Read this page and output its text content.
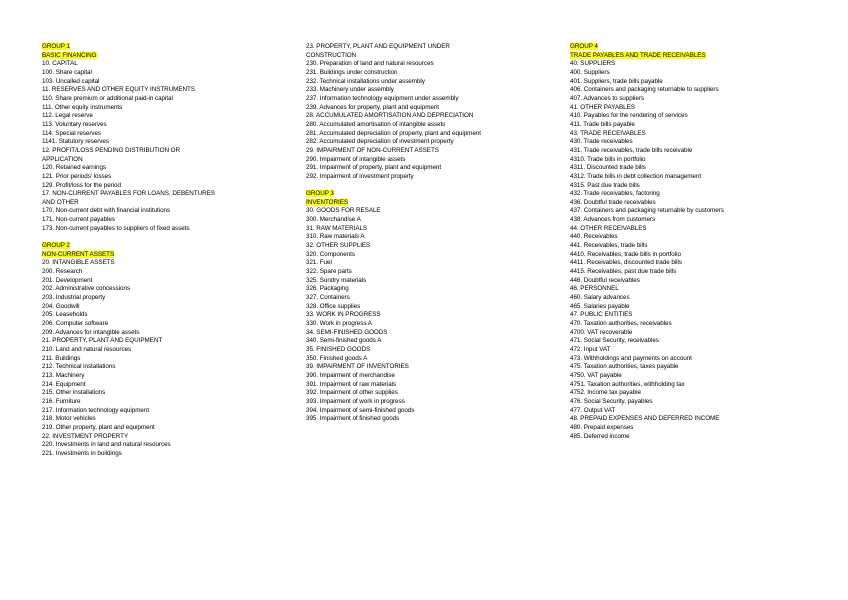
GROUP 1
BASIC FINANCING
10. CAPITAL
100. Share capital
103. Uncalled capital
11. RESERVES AND OTHER EQUITY INSTRUMENTS
110. Share premium or additional paid-in capital
111. Other equity instruments
112. Legal reserve
113. Voluntary reserves
114. Special reserves
1141. Statutory reserves
12. PROFIT/LOSS PENDING DISTRIBUTION OR
APPLICATION
120. Retained earnings
121. Prior periods' losses
129. Profit/loss for the period
17. NON-CURRENT PAYABLES FOR LOANS, DEBENTURES
AND OTHER
170. Non-current debt with financial institutions
171. Non-current payables
173. Non-current payables to suppliers of fixed assets
GROUP 2
NON-CURRENT ASSETS
20. INTANGIBLE ASSETS
200. Research
201. Development
202. Administrative concessions
203. Industrial property
204. Goodwill
205. Leaseholds
206. Computer software
209. Advances for intangible assets
21. PROPERTY, PLANT AND EQUIPMENT
210. Land and natural resources
211. Buildings
212. Technical installations
213. Machinery
214. Equipment
215. Other installations
216. Furniture
217. Information technology equipment
218. Motor vehicles
219. Other property, plant and equipment
22. INVESTMENT PROPERTY
220. Investments in land and natural resources
221. Investments in buildings
23. PROPERTY, PLANT AND EQUIPMENT UNDER
CONSTRUCTION
230. Preparation of land and natural resources
231. Buildings under construction
232. Technical installations under assembly
233. Machinery under assembly
237. Information technology equipment under assembly
239. Advances for property, plant and equipment
28. ACCUMULATED AMORTISATION AND DEPRECIATION
280. Accumulated amortisation of intangible assets
281. Accumulated depreciation of property, plant and equipment
282. Accumulated depreciation of investment property
29. IMPAIRMENT OF NON-CURRENT ASSETS
290. Impairment of intangible assets
291. Impairment of property, plant and equipment
292. Impairment of investment property
GROUP 3
INVENTORIES
30. GOODS FOR RESALE
300. Merchandise A
31. RAW MATERIALS
310. Raw materials A
32. OTHER SUPPLIES
320. Components
321. Fuel
322. Spare parts
325. Sundry materials
326. Packaging
327. Containers
328. Office supplies
33. WORK IN PROGRESS
330. Work in progress A
34. SEMI-FINISHED GOODS
340. Semi-finished goods A
35. FINISHED GOODS
350. Finished goods A
39. IMPAIRMENT OF INVENTORIES
390. Impairment of merchandise
391. Impairment of raw materials
392. Impairment of other supplies
393. Impairment of work in progress
394. Impairment of semi-finished goods
395. Impairment of finished goods
GROUP 4
TRADE PAYABLES AND TRADE RECEIVABLES
40. SUPPLIERS
400. Suppliers
401. Suppliers, trade bills payable
406. Containers and packaging returnable to suppliers
407. Advances to suppliers
41. OTHER PAYABLES
410. Payables for the rendering of services
411. Trade bills payable
43. TRADE RECEIVABLES
430. Trade receivables
431. Trade receivables, trade bills receivable
4310. Trade bills in portfolio
4311. Discounted trade bills
4312. Trade bills in debt collection management
4315. Past due trade bills
432. Trade receivables, factoring
436. Doubtful trade receivables
437. Containers and packaging returnable by customers
438. Advances from customers
44. OTHER RECEIVABLES
440. Receivables
441. Receivables, trade bills
4410. Receivables, trade bills in portfolio
4411. Receivables, discounted trade bills
4415. Receivables, past due trade bills
446. Doubtful receivables
46. PERSONNEL
460. Salary advances
465. Salaries payable
47. PUBLIC ENTITIES
470. Taxation authorities, receivables
4700. VAT recoverable
471. Social Security, receivables
472. Input VAT
473. Withholdings and payments on account
475. Taxation authorities, taxes payable
4750. VAT payable
4751. Taxation authorities, withholding tax
4752. Income tax payable
476. Social Security, payables
477. Output VAT
48. PREPAID EXPENSES AND DEFERRED INCOME
480. Prepaid expenses
485. Deferred income
